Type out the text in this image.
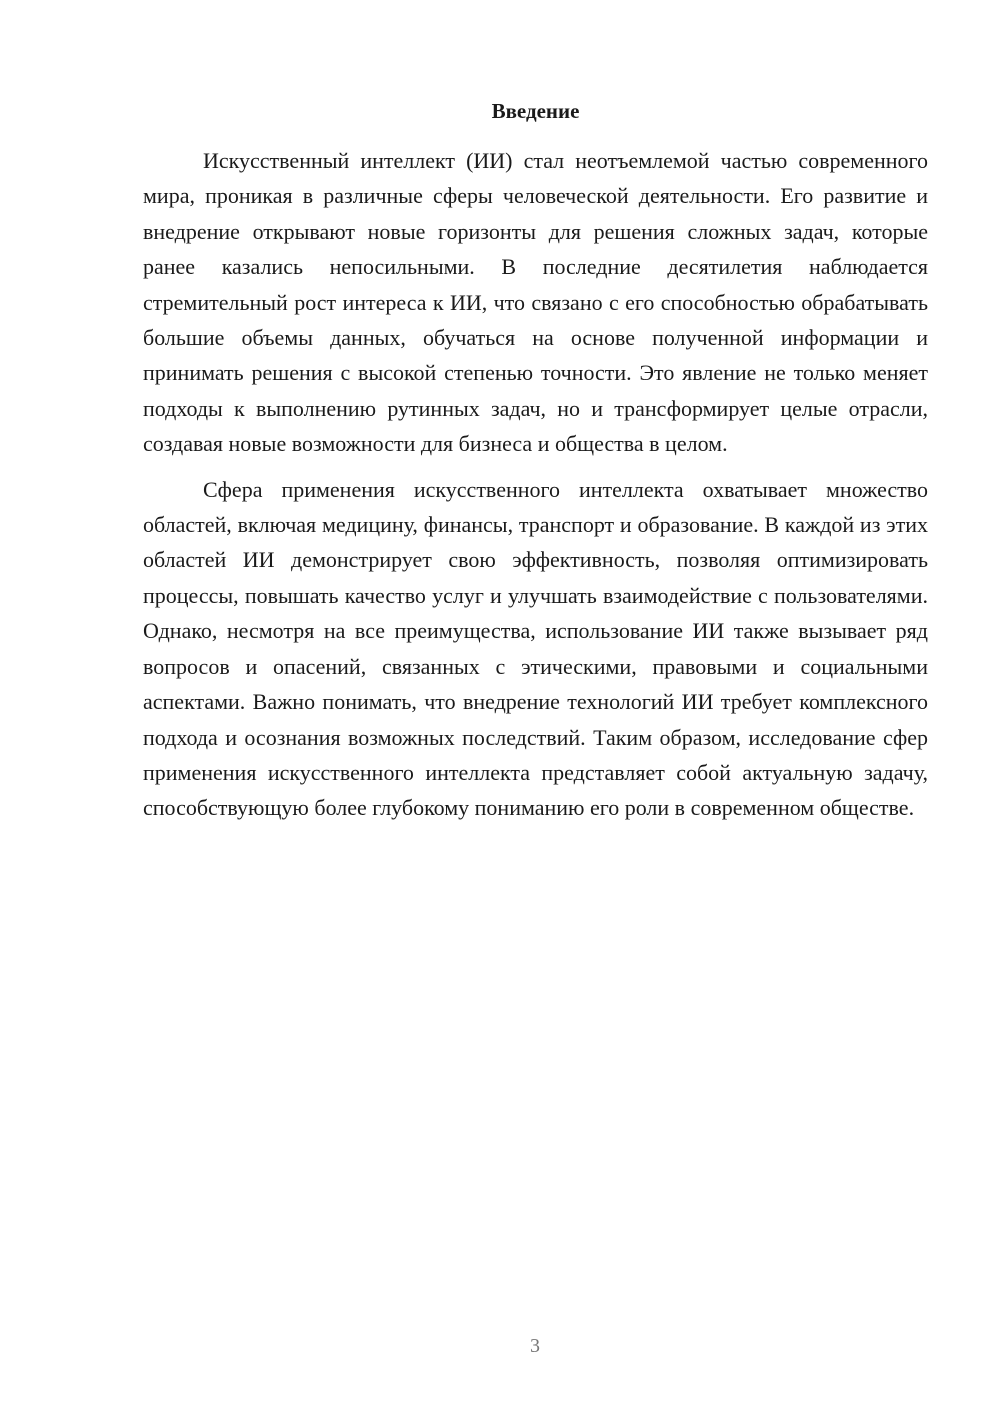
Введение

Искусственный интеллект (ИИ) стал неотъемлемой частью современного мира, проникая в различные сферы человеческой деятельности. Его развитие и внедрение открывают новые горизонты для решения сложных задач, которые ранее казались непосильными. В последние десятилетия наблюдается стремительный рост интереса к ИИ, что связано с его способностью обрабатывать большие объемы данных, обучаться на основе полученной информации и принимать решения с высокой степенью точности. Это явление не только меняет подходы к выполнению рутинных задач, но и трансформирует целые отрасли, создавая новые возможности для бизнеса и общества в целом.

Сфера применения искусственного интеллекта охватывает множество областей, включая медицину, финансы, транспорт и образование. В каждой из этих областей ИИ демонстрирует свою эффективность, позволяя оптимизировать процессы, повышать качество услуг и улучшать взаимодействие с пользователями. Однако, несмотря на все преимущества, использование ИИ также вызывает ряд вопросов и опасений, связанных с этическими, правовыми и социальными аспектами. Важно понимать, что внедрение технологий ИИ требует комплексного подхода и осознания возможных последствий. Таким образом, исследование сфер применения искусственного интеллекта представляет собой актуальную задачу, способствующую более глубокому пониманию его роли в современном обществе.

3
